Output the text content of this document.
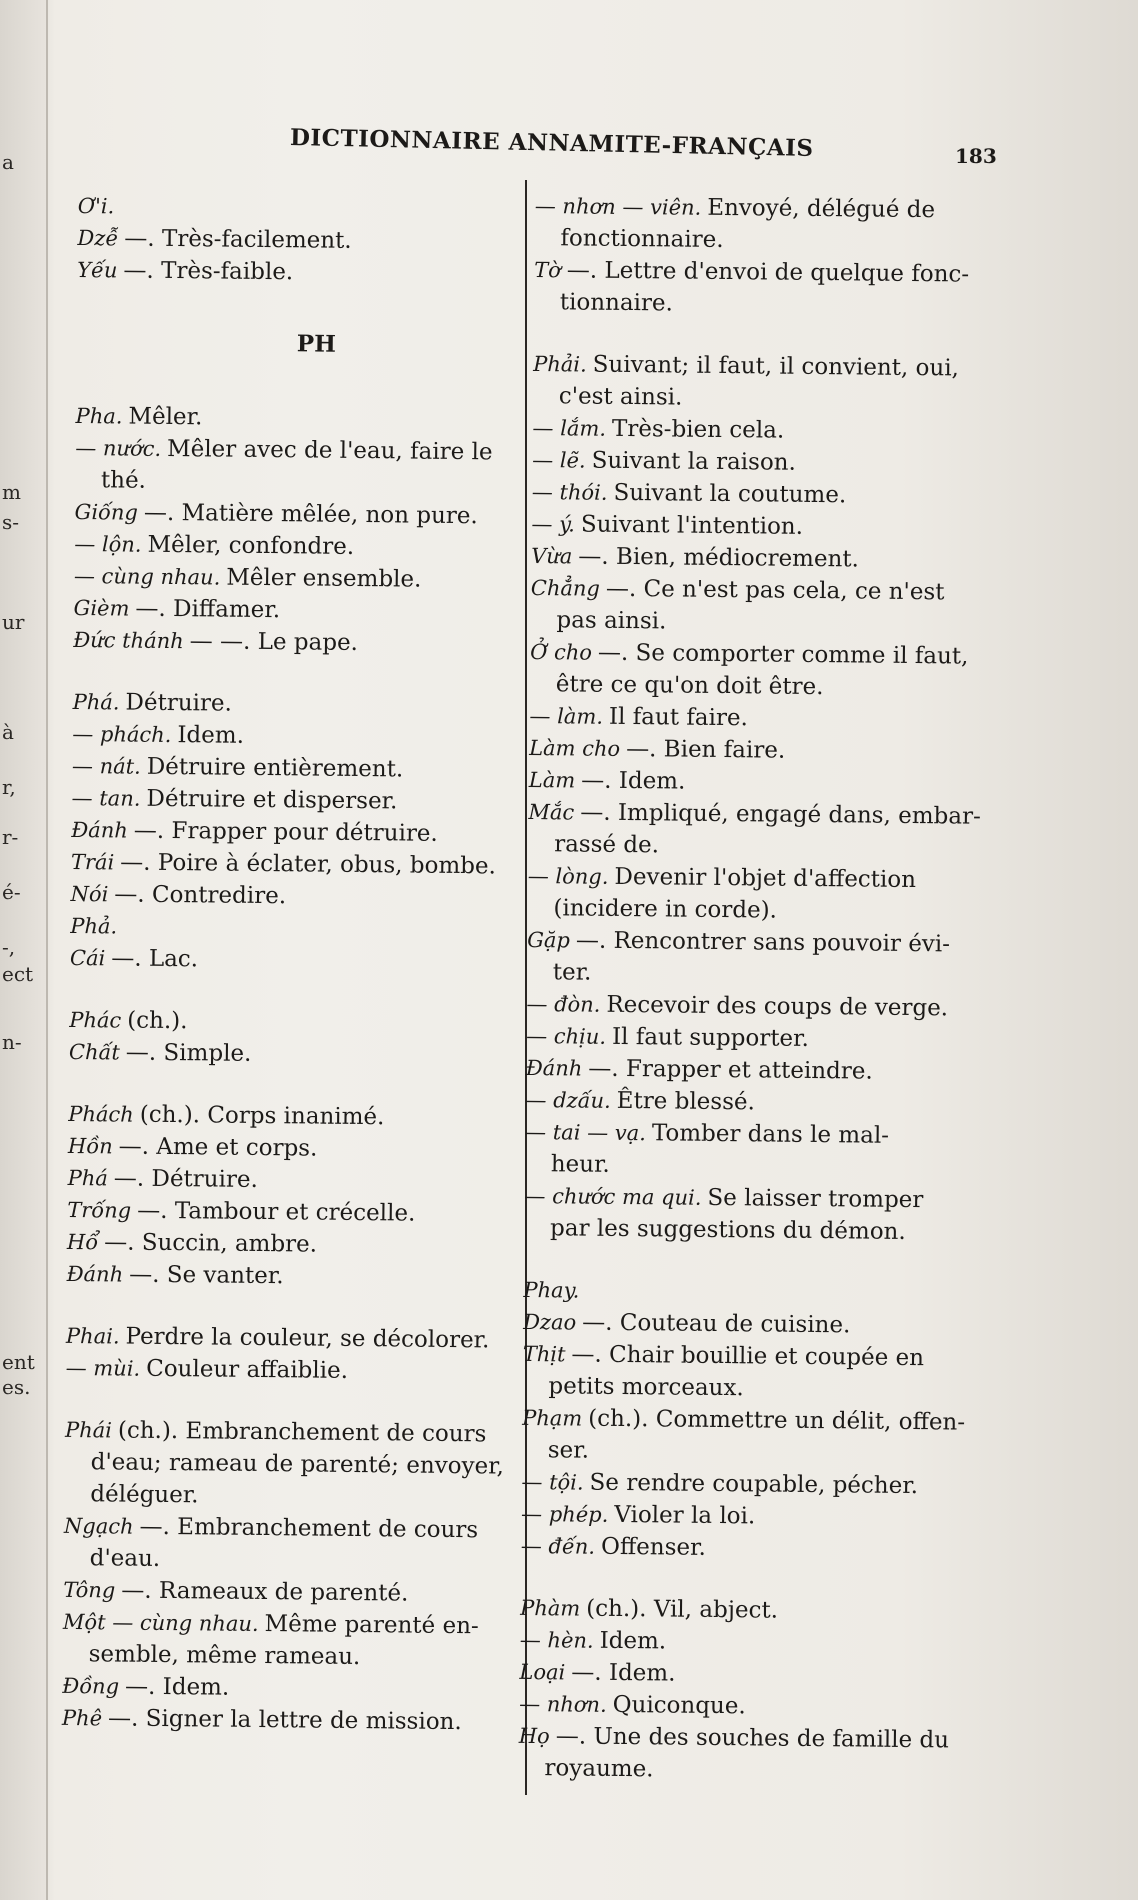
DICTIONNAIRE ANNAMITE-FRANÇAIS	183
Ơ'i.
Dzễ —. Très-facilement.
Yếu —. Très-faible.
PH
Pha. Mêler.
— nước. Mêler avec de l'eau, faire le
thé.
Giống —. Matière mêlée, non pure.
— lộn. Mêler, confondre.
— cùng nhau. Mêler ensemble.
Gièm —. Diffamer.
Đức thánh — —. Le pape.
Phá. Détruire.
— phách. Idem.
— nát. Détruire entièrement.
— tan. Détruire et disperser.
Đánh —. Frapper pour détruire.
Trái —. Poire à éclater, obus, bombe.
Nói —. Contredire.
Phả.
Cái —. Lac.
Phác (ch.).
Chất —. Simple.
Phách (ch.). Corps inanimé.
Hồn —. Ame et corps.
Phá —. Détruire.
Trống —. Tambour et crécelle.
Hổ —. Succin, ambre.
Đánh —. Se vanter.
Phai. Perdre la couleur, se décolorer.
— mùi. Couleur affaiblie.
Phái (ch.). Embranchement de cours
d'eau; rameau de parenté; envoyer,
déléguer.
Ngạch —. Embranchement de cours
d'eau.
Tông —. Rameaux de parenté.
Một — cùng nhau. Même parenté en-
semble, même rameau.
Đồng —. Idem.
Phê —. Signer la lettre de mission.
— nhơn — viên. Envoyé, délégué de
fonctionnaire.
Tờ —. Lettre d'envoi de quelque fonc-
tionnaire.
Phải. Suivant; il faut, il convient, oui,
c'est ainsi.
— lắm. Très-bien cela.
— lẽ. Suivant la raison.
— thói. Suivant la coutume.
— ý. Suivant l'intention.
Vừa —. Bien, médiocrement.
Chẳng —. Ce n'est pas cela, ce n'est
pas ainsi.
Ở cho —. Se comporter comme il faut,
être ce qu'on doit être.
— làm. Il faut faire.
Làm cho —. Bien faire.
Làm —. Idem.
Mắc —. Impliqué, engagé dans, embar-
rassé de.
— lòng. Devenir l'objet d'affection
(incidere in corde).
Gặp —. Rencontrer sans pouvoir évi-
ter.
— đòn. Recevoir des coups de verge.
— chịu. Il faut supporter.
Đánh —. Frapper et atteindre.
— dzấu. Être blessé.
— tai — vạ. Tomber dans le mal-
heur.
— chước ma qui. Se laisser tromper
par les suggestions du démon.
Phay.
Dzao —. Couteau de cuisine.
Thịt —. Chair bouillie et coupée en
petits morceaux.
Phạm (ch.). Commettre un délit, offen-
ser.
— tội. Se rendre coupable, pécher.
— phép. Violer la loi.
— đến. Offenser.
Phàm (ch.). Vil, abject.
— hèn. Idem.
Loại —. Idem.
— nhơn. Quiconque.
Họ —. Une des souches de famille du
royaume.
a
m
s-
ur
à
r,
r-
é-
-,
ect
n-
ent
es.
